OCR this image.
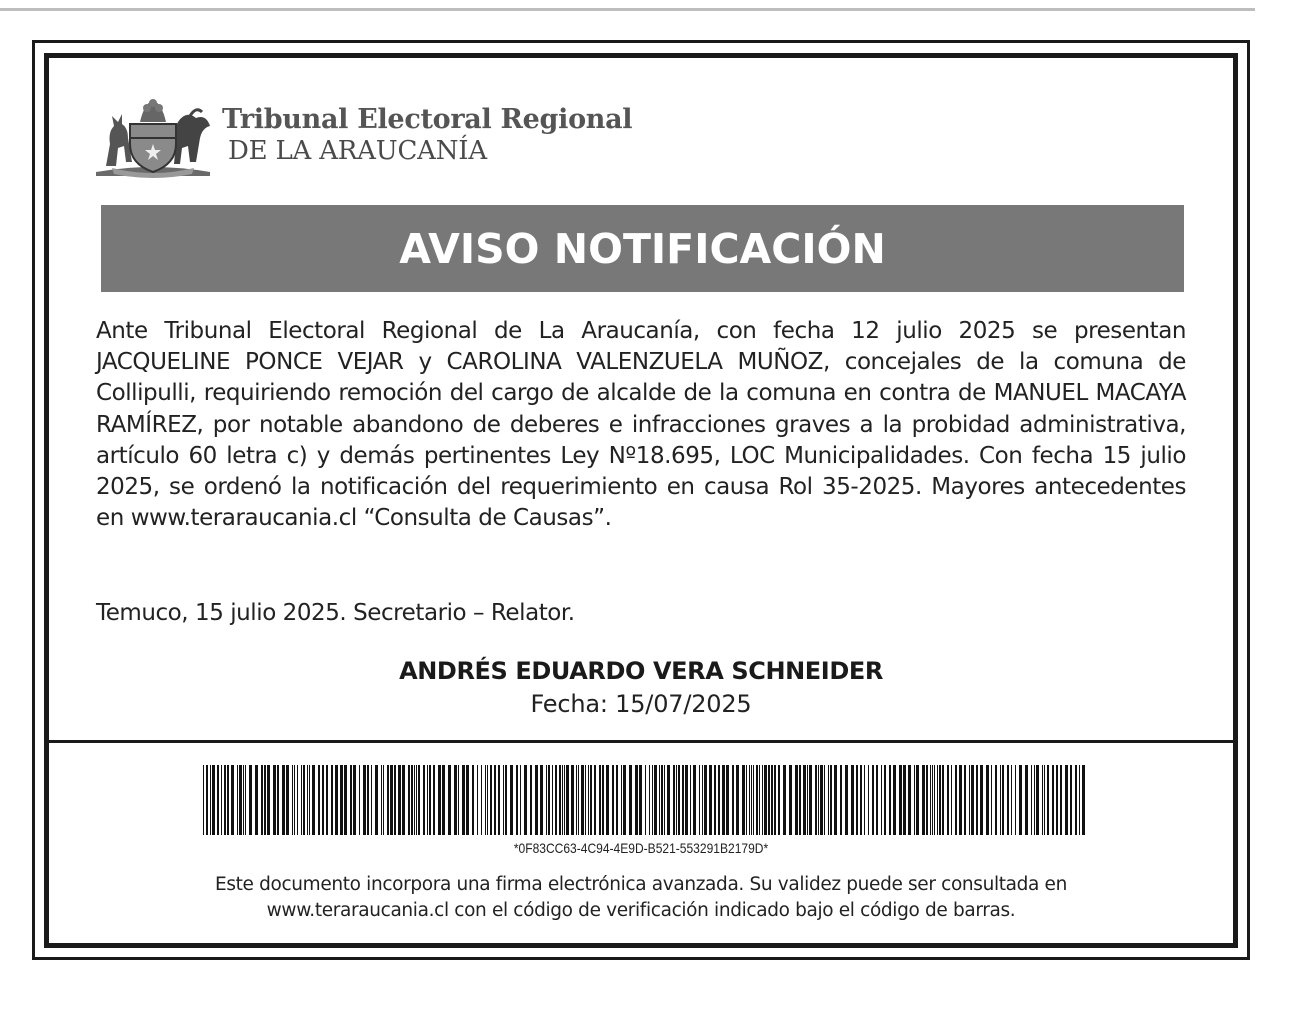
Tribunal Electoral Regional
DE LA ARAUCANÍA
AVISO NOTIFICACIÓN
Ante Tribunal Electoral Regional de La Araucanía, con fecha 12 julio 2025 se presentan JACQUELINE PONCE VEJAR y CAROLINA VALENZUELA MUÑOZ, concejales de la comuna de Collipulli, requiriendo remoción del cargo de alcalde de la comuna en contra de MANUEL MACAYA RAMÍREZ, por notable abandono de deberes e infracciones graves a la probidad administrativa, artículo 60 letra c) y demás pertinentes Ley Nº18.695, LOC Municipalidades. Con fecha 15 julio 2025, se ordenó la notificación del requerimiento en causa Rol 35-2025. Mayores antecedentes en www.teraraucania.cl “Consulta de Causas”.
Temuco, 15 julio 2025. Secretario – Relator.
ANDRÉS EDUARDO VERA SCHNEIDER
Fecha: 15/07/2025
*0F83CC63-4C94-4E9D-B521-553291B2179D*
Este documento incorpora una firma electrónica avanzada. Su validez puede ser consultada en
www.teraraucania.cl con el código de verificación indicado bajo el código de barras.
